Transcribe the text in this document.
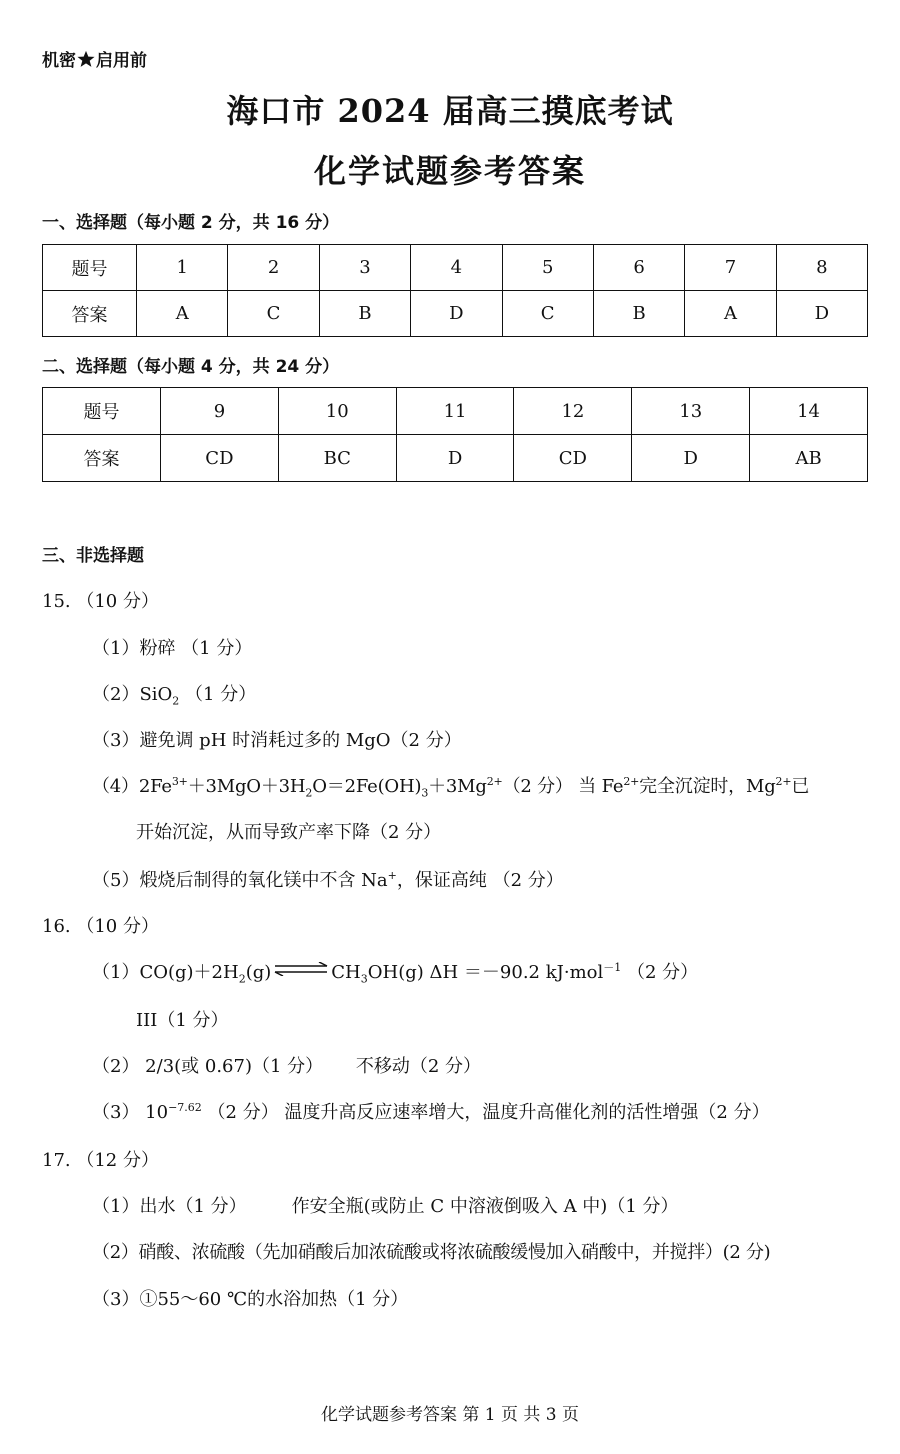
机密 启用前
海口市 2024 届高三摸底考试
化学试题参考答案
一、选择题（每小题 2 分，共 16 分）
题号	1	2	3	4	5	6	7	8
答案	A	C	B	D	C	B	A	D
二、选择题（每小题 4 分，共 24 分）
题号	9	10	11	12	13	14
答案	CD	BC	D	CD	D	AB
三、非选择题
15. （10 分）
（1）粉碎 （1 分）
（2）SiO$_2$ （1 分）
（3）避免调 pH 时消耗过多的 MgO（2 分）
$(4)2Fe^{3+}+3MgO+3H_2O=2Fe(OH)_3+3Mg^{2+}(2$ 分） 当 $Fe^{2+}$完全沉淀时，$Mg^{2+}$已
开始沉淀，从而导致产率下降（2 分）
（5）煅烧后制得的氧化镁中不含 Na+，保证高纯 （2 分）
16. （10 分）
$(1)CO(g)+2H_2(g)$ ⇌ $CH_3OH(g)$ ΔH ＝－90.2 kJ·mol$^{-1}$ （2 分）
III（1 分）
（2） 2/3(或 0.67)（1 分）　　 不移动（2 分）
（3） $10^{-7.62}$ （2 分） 温度升高反应速率增大，温度升高催化剂的活性增强（2 分）
17. （12 分）
（1）出水（1 分）　　　作安全瓶(或防止 C 中溶液倒吸入 A 中)（1 分）
（2）硝酸、浓硫酸（先加硝酸后加浓硫酸或将浓硫酸缓慢加入硝酸中，并搅拌）(2 分)
（3）①55～60 ℃的水浴加热（1 分）
化学试题参考答案 第 1 页 共 3 页
